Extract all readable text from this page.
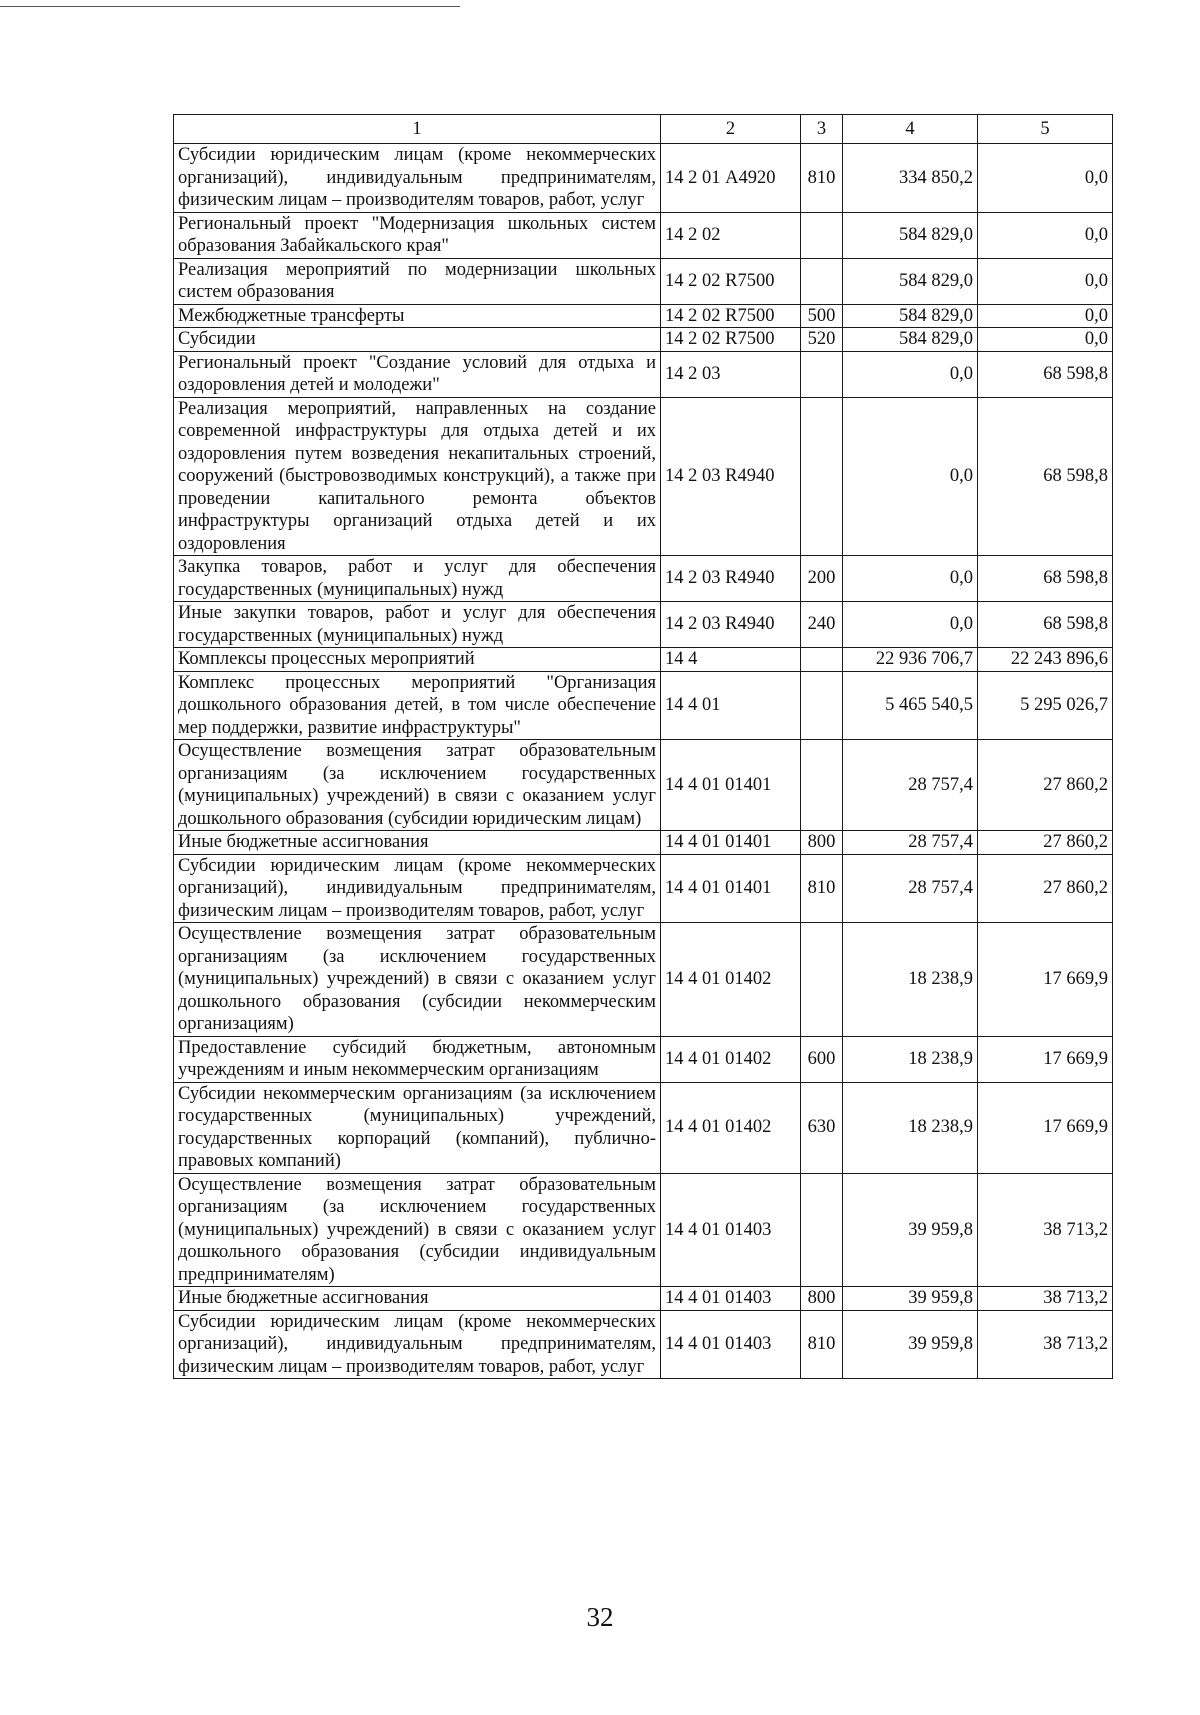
1	2	3	4	5
Субсидии юридическим лицам (кроме некоммерческих организаций), индивидуальным предпринимателям, физическим лицам – производителям товаров, работ, услуг	14 2 01 А4920	810	334 850,2	0,0
Региональный проект "Модернизация школьных систем образования Забайкальского края"	14 2 02		584 829,0	0,0
Реализация мероприятий по модернизации школьных систем образования	14 2 02 R7500		584 829,0	0,0
Межбюджетные трансферты	14 2 02 R7500	500	584 829,0	0,0
Субсидии	14 2 02 R7500	520	584 829,0	0,0
Региональный проект "Создание условий для отдыха и оздоровления детей и молодежи"	14 2 03		0,0	68 598,8
Реализация мероприятий, направленных на создание современной инфраструктуры для отдыха детей и их оздоровления путем возведения некапитальных строений, сооружений (быстровозводимых конструкций), а также при проведении капитального ремонта объектов инфраструктуры организаций отдыха детей и их оздоровления	14 2 03 R4940		0,0	68 598,8
Закупка товаров, работ и услуг для обеспечения государственных (муниципальных) нужд	14 2 03 R4940	200	0,0	68 598,8
Иные закупки товаров, работ и услуг для обеспечения государственных (муниципальных) нужд	14 2 03 R4940	240	0,0	68 598,8
Комплексы процессных мероприятий	14 4		22 936 706,7	22 243 896,6
Комплекс процессных мероприятий "Организация дошкольного образования детей, в том числе обеспечение мер поддержки, развитие инфраструктуры"	14 4 01		5 465 540,5	5 295 026,7
Осуществление возмещения затрат образовательным организациям (за исключением государственных (муниципальных) учреждений) в связи с оказанием услуг дошкольного образования (субсидии юридическим лицам)	14 4 01 01401		28 757,4	27 860,2
Иные бюджетные ассигнования	14 4 01 01401	800	28 757,4	27 860,2
Субсидии юридическим лицам (кроме некоммерческих организаций), индивидуальным предпринимателям, физическим лицам – производителям товаров, работ, услуг	14 4 01 01401	810	28 757,4	27 860,2
Осуществление возмещения затрат образовательным организациям (за исключением государственных (муниципальных) учреждений) в связи с оказанием услуг дошкольного образования (субсидии некоммерческим организациям)	14 4 01 01402		18 238,9	17 669,9
Предоставление субсидий бюджетным, автономным учреждениям и иным некоммерческим организациям	14 4 01 01402	600	18 238,9	17 669,9
Субсидии некоммерческим организациям (за исключением государственных (муниципальных) учреждений, государственных корпораций (компаний), публично-правовых компаний)	14 4 01 01402	630	18 238,9	17 669,9
Осуществление возмещения затрат образовательным организациям (за исключением государственных (муниципальных) учреждений) в связи с оказанием услуг дошкольного образования (субсидии индивидуальным предпринимателям)	14 4 01 01403		39 959,8	38 713,2
Иные бюджетные ассигнования	14 4 01 01403	800	39 959,8	38 713,2
Субсидии юридическим лицам (кроме некоммерческих организаций), индивидуальным предпринимателям, физическим лицам – производителям товаров, работ, услуг	14 4 01 01403	810	39 959,8	38 713,2
32
